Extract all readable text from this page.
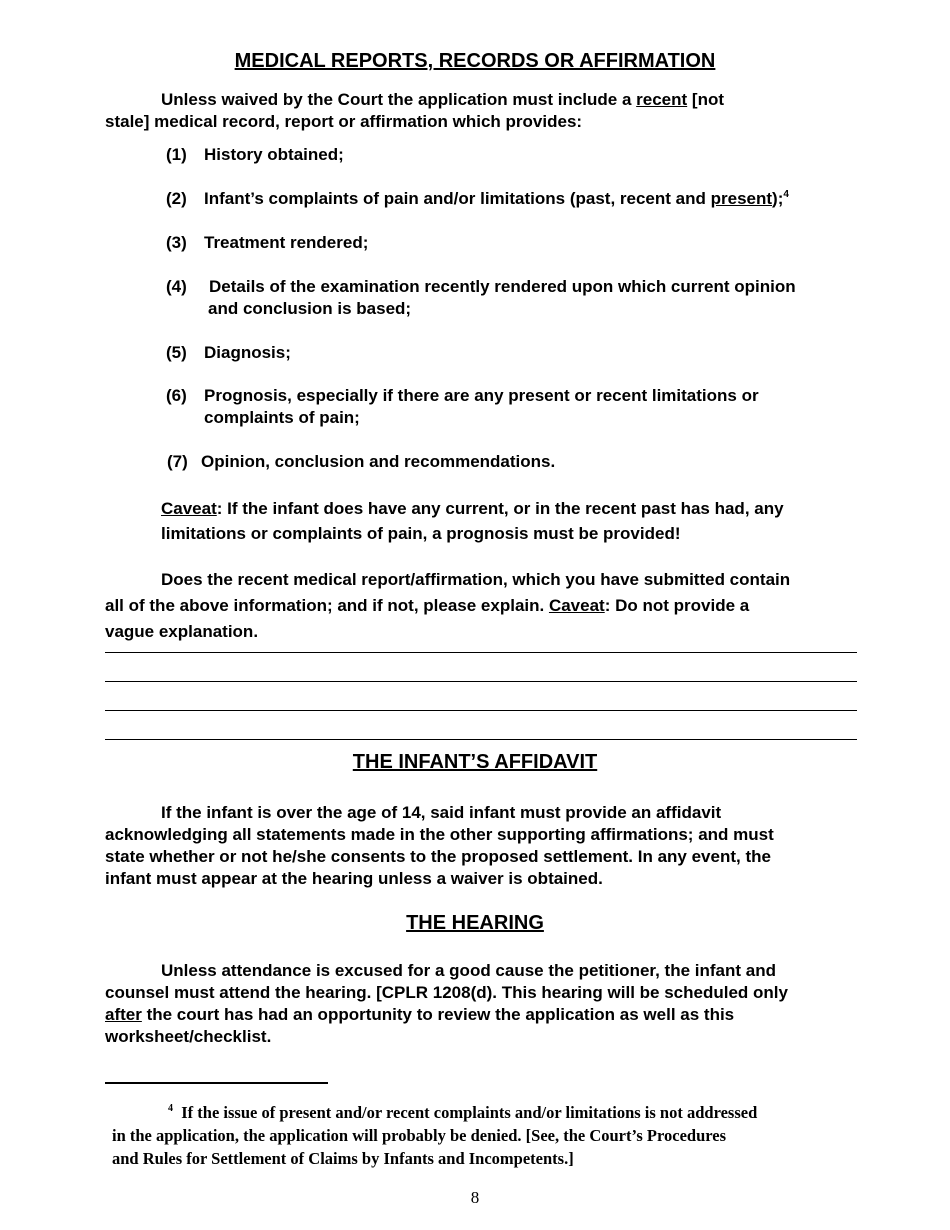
MEDICAL REPORTS, RECORDS OR AFFIRMATION
Unless waived by the Court the application must include a recent [not
stale] medical record, report or affirmation which provides:
(1) History obtained;
(2) Infant’s complaints of pain and/or limitations (past, recent and present);$^4$
(3) Treatment rendered;
(4) Details of the examination recently rendered upon which current opinion
and conclusion is based;
(5) Diagnosis;
(6) Prognosis, especially if there are any present or recent limitations or
complaints of pain;
(7) Opinion, conclusion and recommendations.
Caveat: If the infant does have any current, or in the recent past has had, any
limitations or complaints of pain, a prognosis must be provided!
Does the recent medical report/affirmation, which you have submitted contain
all of the above information; and if not, please explain. Caveat: Do not provide a
vague explanation.
THE INFANT’S AFFIDAVIT
If the infant is over the age of 14, said infant must provide an affidavit
acknowledging all statements made in the other supporting affirmations; and must
state whether or not he/she consents to the proposed settlement. In any event, the
infant must appear at the hearing unless a waiver is obtained.
THE HEARING
Unless attendance is excused for a good cause the petitioner, the infant and
counsel must attend the hearing. [CPLR 1208(d). This hearing will be scheduled only
after the court has had an opportunity to review the application as well as this
worksheet/checklist.
$^4$ If the issue of present and/or recent complaints and/or limitations is not addressed
in the application, the application will probably be denied. [See, the Court’s Procedures
and Rules for Settlement of Claims by Infants and Incompetents.]
8
